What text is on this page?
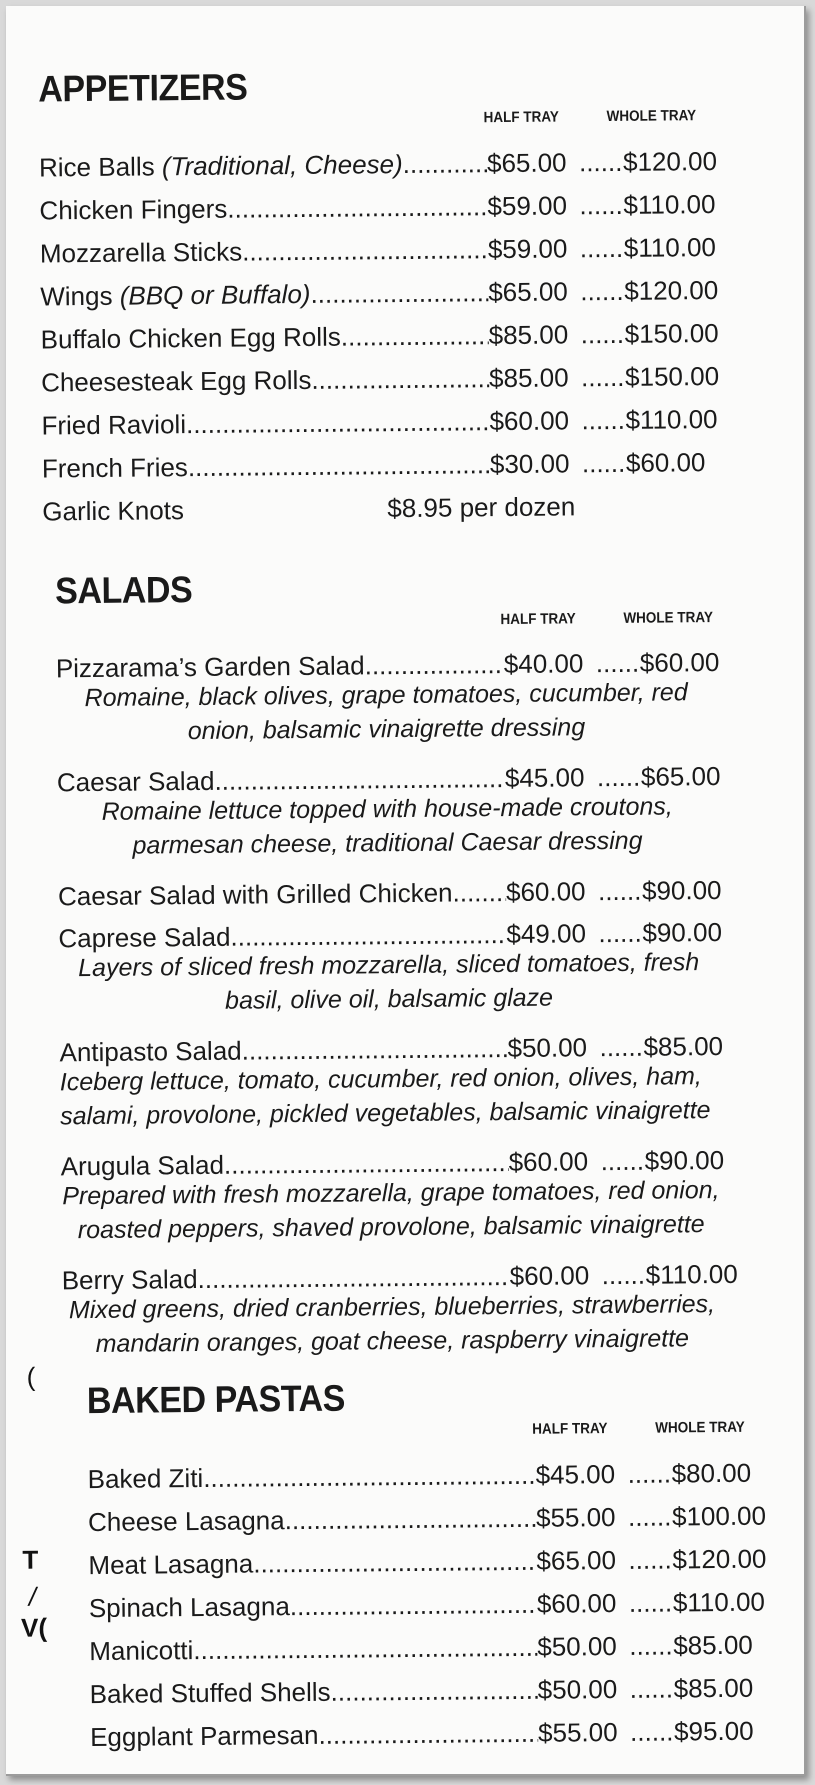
APPETIZERS
HALF TRAY	WHOLE TRAY
Rice Balls (Traditional, Cheese) .....	$65.00 .....	$120.00
Chicken Fingers .....	$59.00 .....	$110.00
Mozzarella Sticks .....	$59.00 .....	$110.00
Wings (BBQ or Buffalo) .....	$65.00 .....	$120.00
Buffalo Chicken Egg Rolls .....	$85.00 .....	$150.00
Cheesesteak Egg Rolls .....	$85.00 .....	$150.00
Fried Ravioli .....	$60.00 .....	$110.00
French Fries .....	$30.00 .....	$60.00
Garlic Knots	$8.95 per dozen
SALADS
HALF TRAY	WHOLE TRAY
Pizzarama’s Garden Salad .....	$40.00 .....	$60.00
Romaine, black olives, grape tomatoes, cucumber, red
onion, balsamic vinaigrette dressing
Caesar Salad .....	$45.00 .....	$65.00
Romaine lettuce topped with house-made croutons,
parmesan cheese, traditional Caesar dressing
Caesar Salad with Grilled Chicken ..... $60.00 .....	$90.00
Caprese Salad .....	$49.00 .....	$90.00
Layers of sliced fresh mozzarella, sliced tomatoes, fresh
basil, olive oil, balsamic glaze
Antipasto Salad .....	$50.00 .....	$85.00
Iceberg lettuce, tomato, cucumber, red onion, olives, ham,
salami, provolone, pickled vegetables, balsamic vinaigrette
Arugula Salad .....	$60.00 .....	$90.00
Prepared with fresh mozzarella, grape tomatoes, red onion,
roasted peppers, shaved provolone, balsamic vinaigrette
Berry Salad .....	$60.00 .....	$110.00
Mixed greens, dried cranberries, blueberries, strawberries,
mandarin oranges, goat cheese, raspberry vinaigrette
BAKED PASTAS
HALF TRAY	WHOLE TRAY
Baked Ziti .....	$45.00 .....	$80.00
Cheese Lasagna .....	$55.00 .....	$100.00
Meat Lasagna .....	$65.00 .....	$120.00
Spinach Lasagna .....	$60.00 .....	$110.00
Manicotti .....	$50.00 .....	$85.00
Baked Stuffed Shells .....	$50.00 .....	$85.00
Eggplant Parmesan .....	$55.00 .....	$95.00
(
T
/
V(
